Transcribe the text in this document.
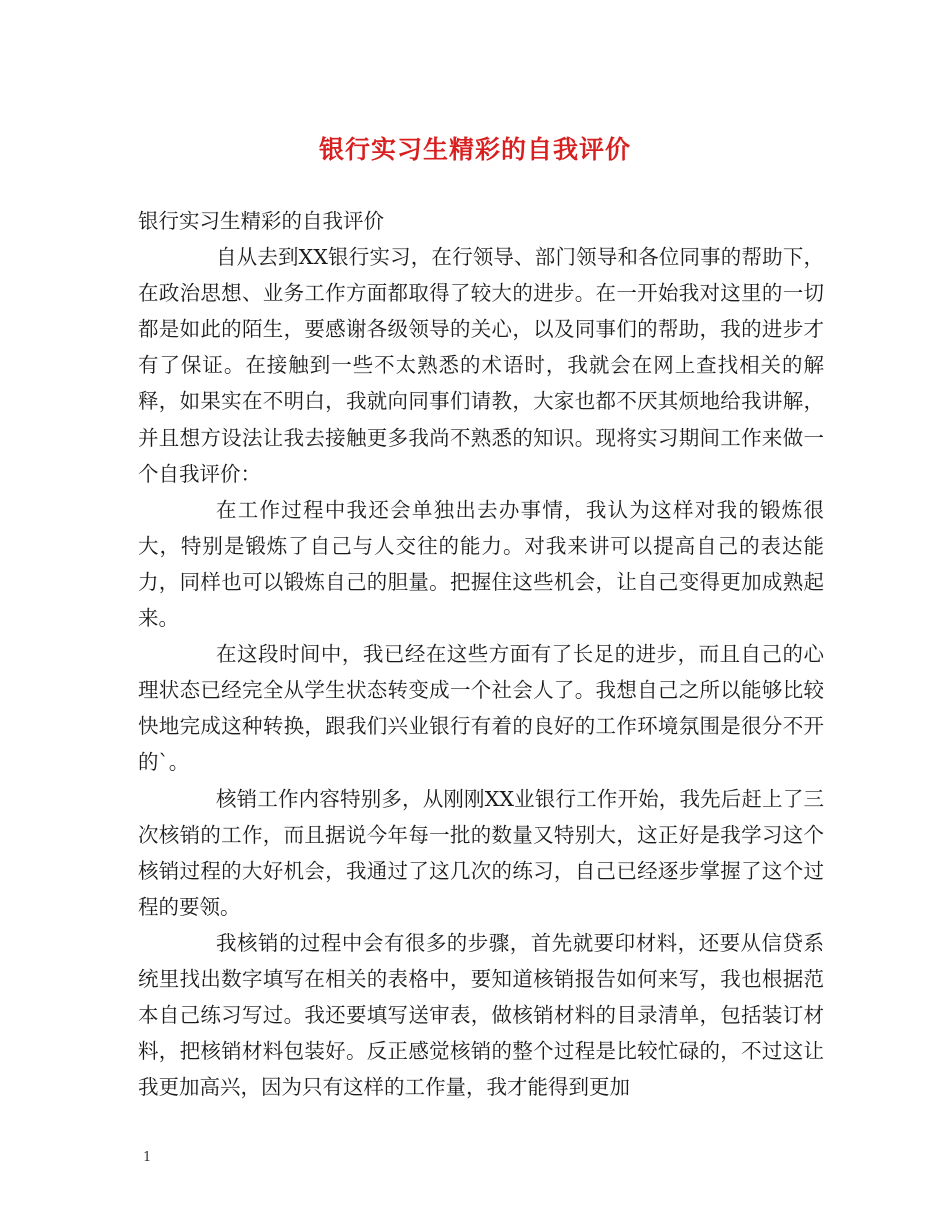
银行实习生精彩的自我评价

银行实习生精彩的自我评价

自从去到XX银行实习，在行领导、部门领导和各位同事的帮助下，在政治思想、业务工作方面都取得了较大的进步。在一开始我对这里的一切都是如此的陌生，要感谢各级领导的关心，以及同事们的帮助，我的进步才有了保证。在接触到一些不太熟悉的术语时，我就会在网上查找相关的解释，如果实在不明白，我就向同事们请教，大家也都不厌其烦地给我讲解，并且想方设法让我去接触更多我尚不熟悉的知识。现将实习期间工作来做一个自我评价：

在工作过程中我还会单独出去办事情，我认为这样对我的锻炼很大，特别是锻炼了自己与人交往的能力。对我来讲可以提高自己的表达能力，同样也可以锻炼自己的胆量。把握住这些机会，让自己变得更加成熟起来。

在这段时间中，我已经在这些方面有了长足的进步，而且自己的心理状态已经完全从学生状态转变成一个社会人了。我想自己之所以能够比较快地完成这种转换，跟我们兴业银行有着的良好的工作环境氛围是很分不开的`。

核销工作内容特别多，从刚刚XX业银行工作开始，我先后赶上了三次核销的工作，而且据说今年每一批的数量又特别大，这正好是我学习这个核销过程的大好机会，我通过了这几次的练习，自己已经逐步掌握了这个过程的要领。

我核销的过程中会有很多的步骤，首先就要印材料，还要从信贷系统里找出数字填写在相关的表格中，要知道核销报告如何来写，我也根据范本自己练习写过。我还要填写送审表，做核销材料的目录清单，包括装订材料，把核销材料包装好。反正感觉核销的整个过程是比较忙碌的，不过这让我更加高兴，因为只有这样的工作量，我才能得到更加

1
